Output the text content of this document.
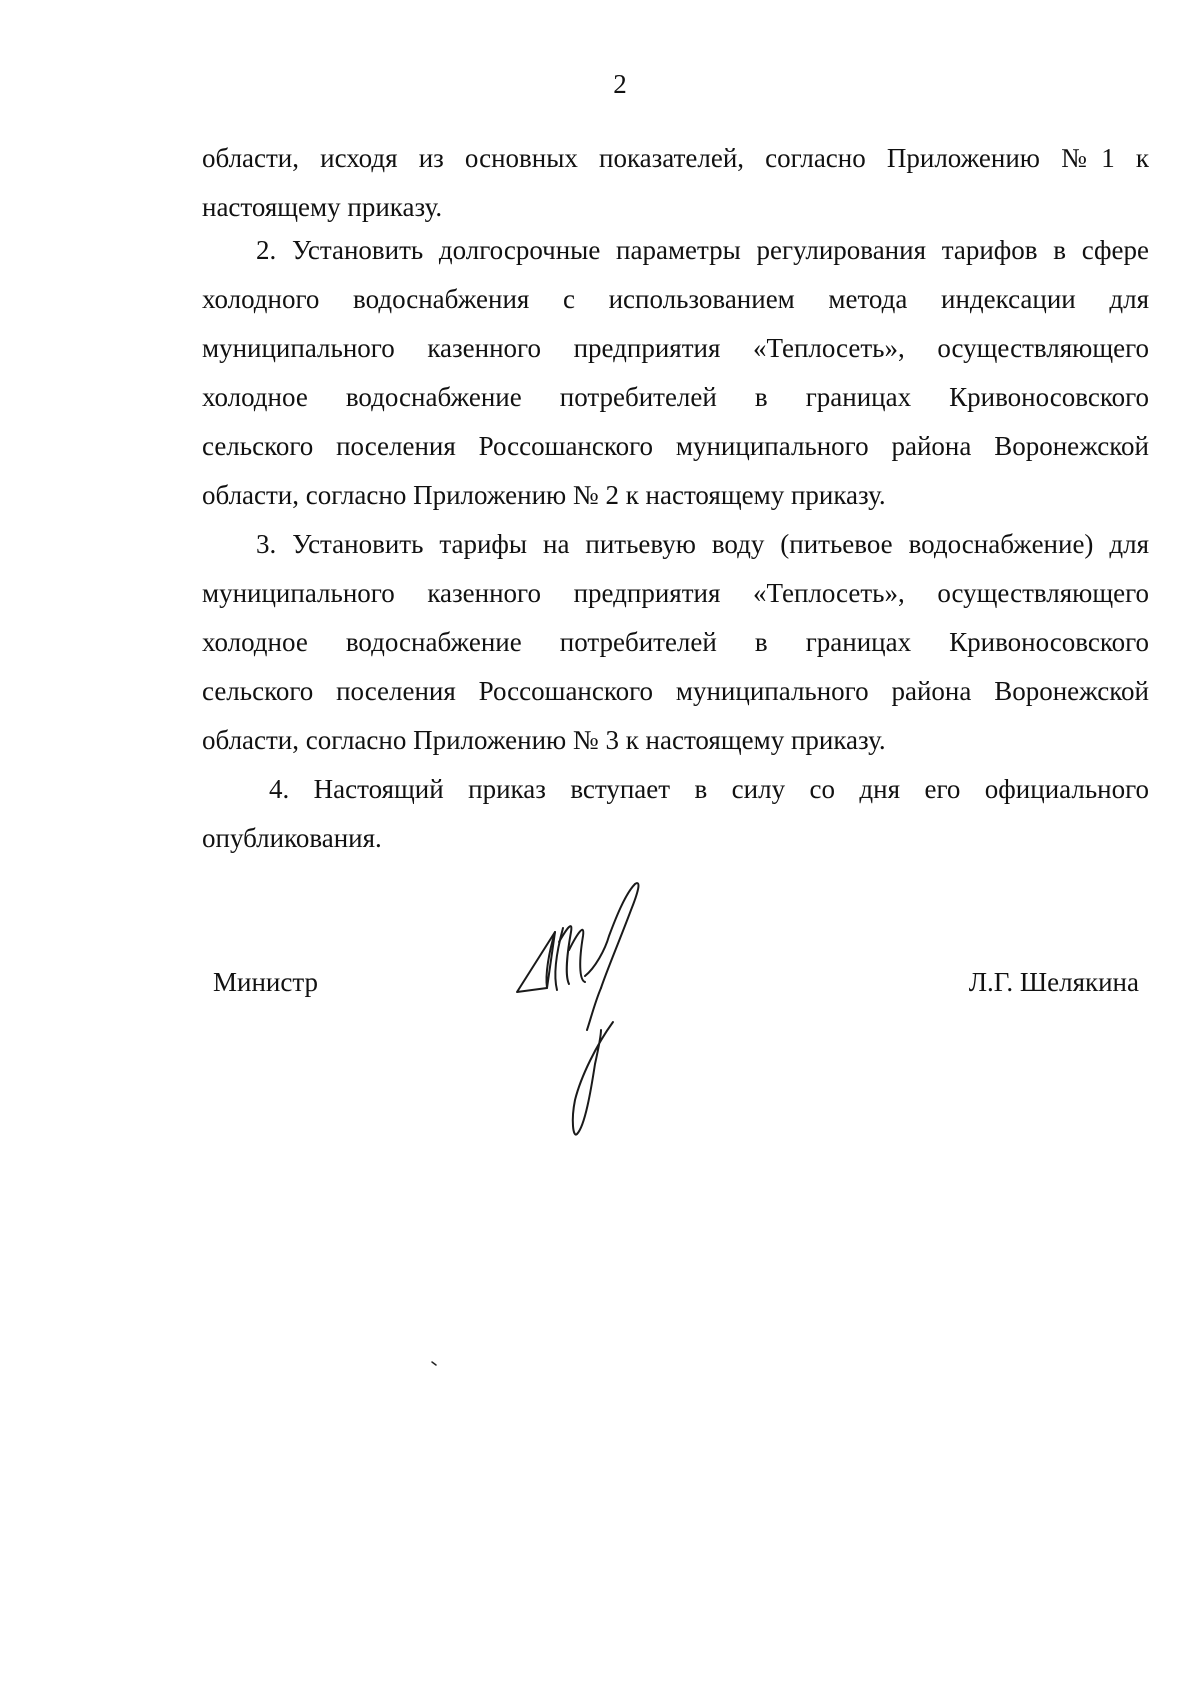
2
области, исходя из основных показателей, согласно Приложению №1 к
настоящему приказу.
2. Установить долгосрочные параметры регулирования тарифов в сфере
холодного водоснабжения с использованием метода индексации для
муниципального казенного предприятия «Теплосеть», осуществляющего
холодное водоснабжение потребителей в границах Кривоносовского
сельского поселения Россошанского муниципального района Воронежской
области, согласно Приложению № 2 к настоящему приказу.
3. Установить тарифы на питьевую воду (питьевое водоснабжение) для
муниципального казенного предприятия «Теплосеть», осуществляющего
холодное водоснабжение потребителей в границах Кривоносовского
сельского поселения Россошанского муниципального района Воронежской
области, согласно Приложению № 3 к настоящему приказу.
4. Настоящий приказ вступает в силу со дня его официального
опубликования.
Министр	Л.Г. Шелякина
